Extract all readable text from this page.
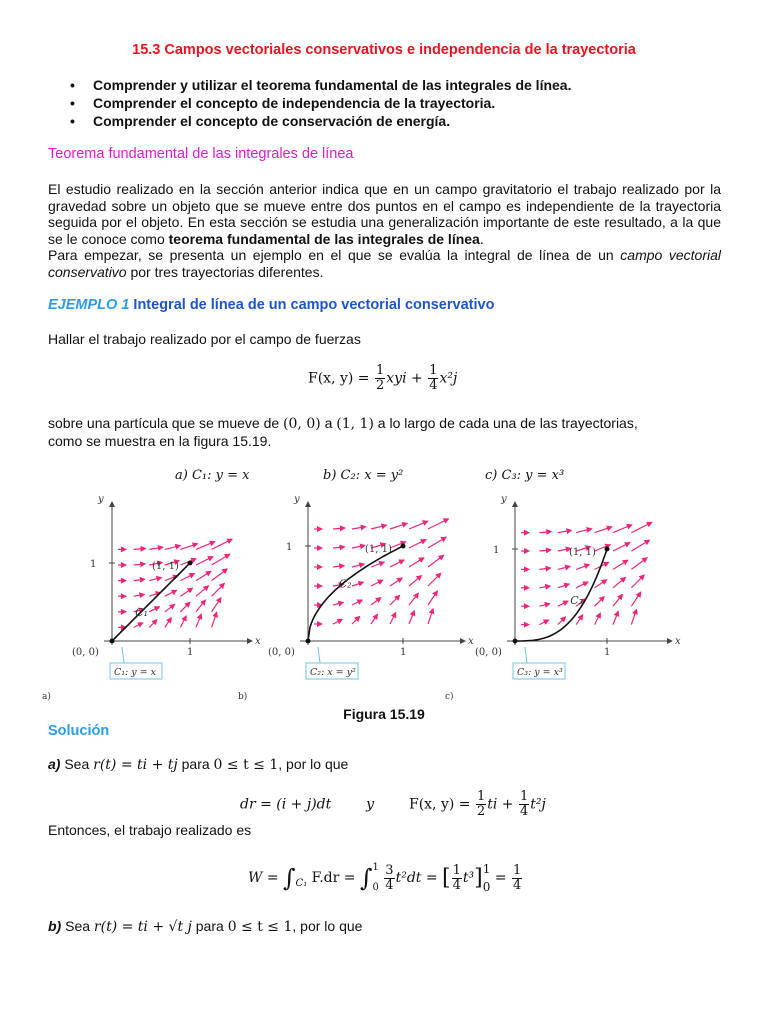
15.3 Campos vectoriales conservativos e independencia de la trayectoria
• Comprender y utilizar el teorema fundamental de las integrales de línea.
• Comprender el concepto de independencia de la trayectoria.
• Comprender el concepto de conservación de energía.
Teorema fundamental de las integrales de línea
El estudio realizado en la sección anterior indica que en un campo gravitatorio el trabajo realizado por la gravedad sobre un objeto que se mueve entre dos puntos en el campo es independiente de la trayectoria seguida por el objeto. En esta sección se estudia una generalización importante de este resultado, a la que se le conoce como teorema fundamental de las integrales de línea.
Para empezar, se presenta un ejemplo en el que se evalúa la integral de línea de un campo vectorial conservativo por tres trayectorias diferentes.
EJEMPLO 1 Integral de línea de un campo vectorial conservativo
Hallar el trabajo realizado por el campo de fuerzas
F(x, $y) = \frac{1}{2}$ xyi + $\frac{1}{4} x^2j$
sobre una partícula que se mueve de (0, 0) a (1, 1) a lo largo de cada una de las trayectorias,
como se muestra en la figura 15.19.
a) C₁: y = x	b) C₂: x = y²	c) C₃: y = x³
x
y
1
1
(0, 0)
(1, 1)
C₁
C₁: y = x
a)
x
y
1
1
(0, 0)
(1, 1)
C₂
C₂: x = y²
b)
x
y
1
1
(0, 0)
(1, 1)
C₃
C₃: y = x³
c)
Figura 15.19
Solución
a) Sea r(t) = ti + tj para 0 ≤ t ≤ 1, por lo que
dr = (i + j)dt y F(x, $y) = \frac{1}{2}$ ti + $\frac{1}{4} t^2j$
Entonces, el trabajo realizado es
$W = \int_{C_1}$ F.dr = ∫ 1
0
$\frac{3}{4} t^2dt$ = [ $\frac{1}{4} t^3$] 1
0
= $\frac{1}{4}$
b) Sea r(t) = ti + √t j para 0 ≤ t ≤ 1, por lo que
